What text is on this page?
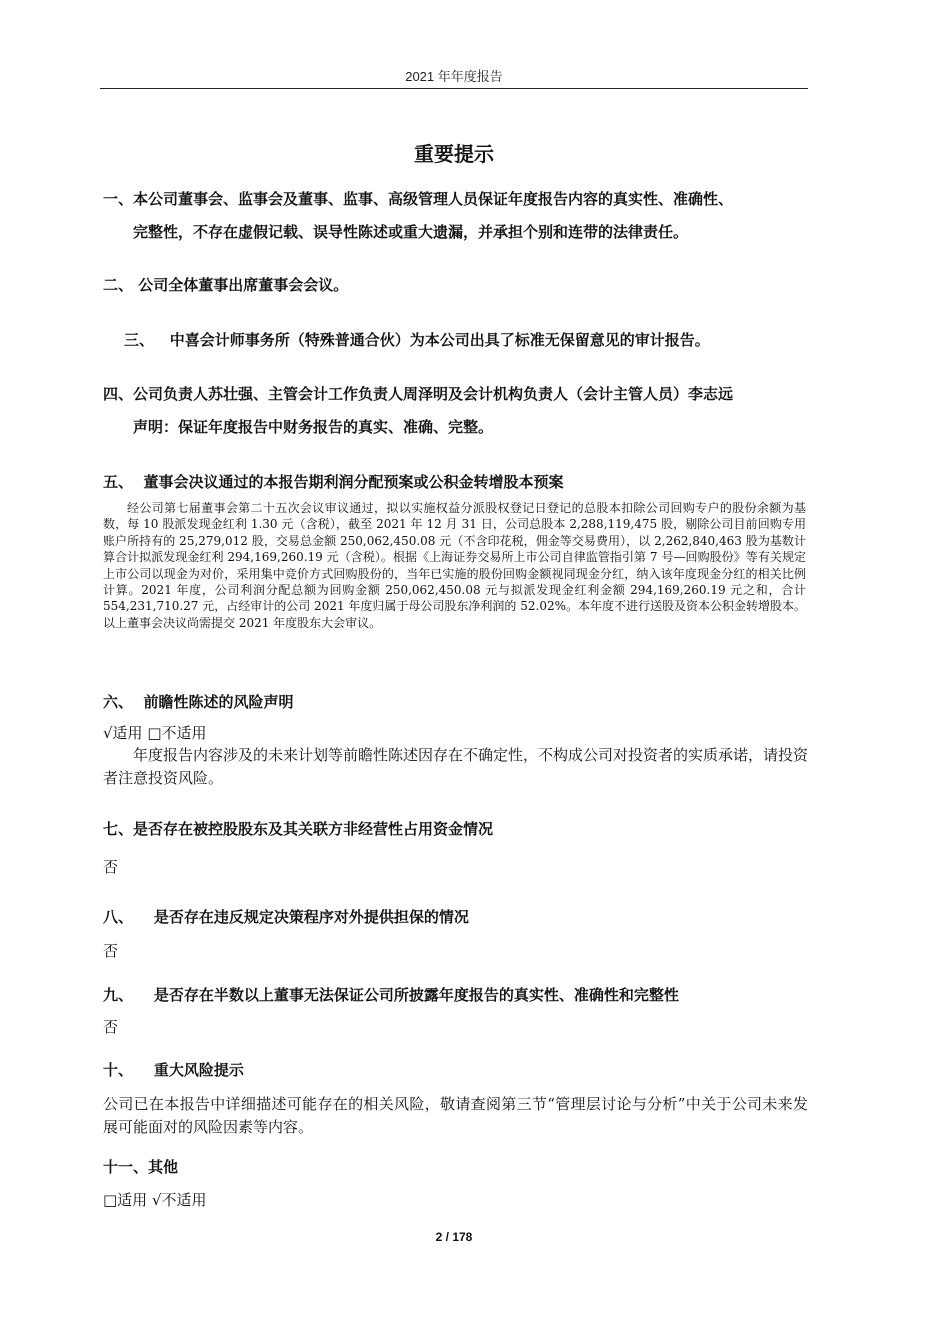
2021 年年度报告
重要提示
一、本公司董事会、监事会及董事、监事、高级管理人员保证年度报告内容的真实性、准确性、
完整性，不存在虚假记载、误导性陈述或重大遗漏，并承担个别和连带的法律责任。
二、 公司全体董事出席董事会会议。
三、 中喜会计师事务所（特殊普通合伙）为本公司出具了标准无保留意见的审计报告。
四、公司负责人苏壮强、主管会计工作负责人周泽明及会计机构负责人（会计主管人员）李志远
声明：保证年度报告中财务报告的真实、准确、完整。
五、 董事会决议通过的本报告期利润分配预案或公积金转增股本预案
经公司第七届董事会第二十五次会议审议通过，拟以实施权益分派股权登记日登记的总股本扣除公司回购专户的股份余额为基数，每 10 股派发现金红利 1.30 元（含税），截至 2021 年 12 月 31 日，公司总股本 2,288,119,475 股，剔除公司目前回购专用账户所持有的 25,279,012 股，交易总金额 250,062,450.08 元（不含印花税，佣金等交易费用），以 2,262,840,463 股为基数计算合计拟派发现金红利 294,169,260.19 元（含税）。根据《上海证券交易所上市公司自律监管指引第 7 号—回购股份》等有关规定上市公司以现金为对价，采用集中竞价方式回购股份的，当年已实施的股份回购金额视同现金分红，纳入该年度现金分红的相关比例计算。2021 年度，公司利润分配总额为回购金额 250,062,450.08 元与拟派发现金红利金额 294,169,260.19 元之和，合计 554,231,710.27 元，占经审计的公司 2021 年度归属于母公司股东净利润的 52.02%。本年度不进行送股及资本公积金转增股本。以上董事会决议尚需提交 2021 年度股东大会审议。
六、 前瞻性陈述的风险声明
√适用 □不适用
年度报告内容涉及的未来计划等前瞻性陈述因存在不确定性，不构成公司对投资者的实质承诺，请投资者注意投资风险。
七、是否存在被控股股东及其关联方非经营性占用资金情况
否
八、 是否存在违反规定决策程序对外提供担保的情况
否
九、 是否存在半数以上董事无法保证公司所披露年度报告的真实性、准确性和完整性
否
十、 重大风险提示
公司已在本报告中详细描述可能存在的相关风险，敬请查阅第三节“管理层讨论与分析”中关于公司未来发展可能面对的风险因素等内容。
十一、其他
□适用 √不适用
2 / 178
